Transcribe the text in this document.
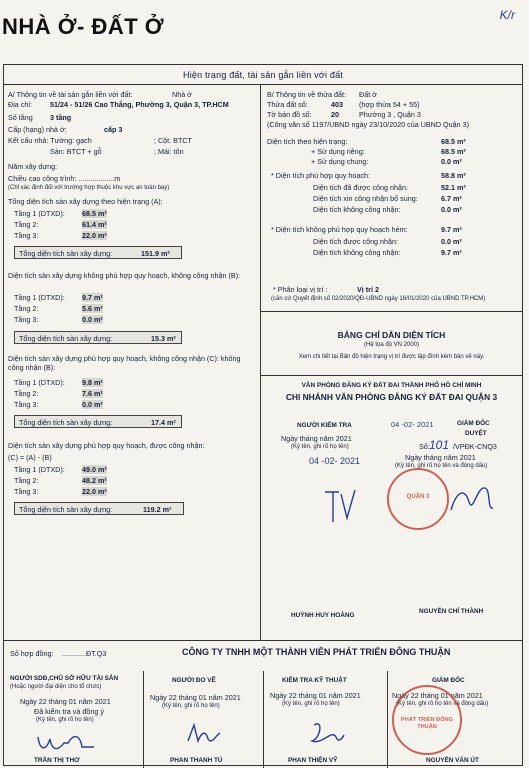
NHÀ Ở- ĐẤT Ở	K/r
Hiện trạng đất, tài sản gắn liền với đất
A/ Thông tin về tài sản gắn liền với đất:	Nhà ở
Địa chỉ:	51/24 - 51/26 Cao Thắng, Phường 3, Quận 3, TP.HCM
Số tầng 3 tầng
Cấp (hạng) nhà ở:	cấp 3
Kết cấu nhà: Tường: gạch	; Cột: BTCT
Sàn: BTCT + gỗ	; Mái: tôn
Năm xây dựng:
Chiều cao công trình: ..................m
(Chỉ xác định đối với trường hợp thuộc khu vực an toàn bay)
Tổng diện tích sàn xây dựng theo hiện trạng (A):
Tầng 1 (DTXD): 68.5 m²
Tầng 2:	61.4 m²
Tầng 3:	22.0 m²
Tổng diện tích sàn xây dựng:	151.9 m²
Diện tích sàn xây dựng không phù hợp quy hoạch, không công nhận (B):
Tầng 1 (DTXD): 9.7 m²
Tầng 2:	5.6 m²
Tầng 3:	0.0 m²
Tổng diện tích sàn xây dựng:	15.3 m²
Diện tích sàn xây dựng phù hợp quy hoạch, không công nhận (C): không công nhận (B):
Tầng 1 (DTXD): 9.8 m²
Tầng 2:	7.6 m²
Tầng 3:	0.0 m²
Tổng diện tích sàn xây dựng:	17.4 m²
Diện tích sàn xây dựng phù hợp quy hoạch, được công nhận:
(C) = (A) - (B)
Tầng 1 (DTXD): 49.0 m²
Tầng 2:	48.2 m²
Tầng 3:	22.0 m²
Tổng diện tích sàn xây dựng:	119.2 m²
B/ Thông tin về thửa đất: Đất ở
Thửa đất số:	403 (hợp thửa 54 + 55)
Tờ bản đồ số:	20	Phường 3 , Quận 3
(Công văn số 1197/UBND ngày 23/10/2020 của UBND Quận 3)
Diện tích theo hiện trạng:	68.5 m²
+ Sử dụng riêng:	68.5 m²
+ Sử dụng chung:	0.0 m²
* Diện tích phù hợp quy hoạch:	58.8 m²
Diện tích đã được công nhận:	52.1 m²
Diện tích xin công nhận bổ sung:	6.7 m²
Diện tích không công nhận:	0.0 m²
* Diện tích không phù hợp quy hoạch hẻm:	9.7 m²
Diện tích được công nhận:	0.0 m²
Diện tích không công nhận:	9.7 m²
* Phân loại vị trí :	Vị trí 2
(căn cứ Quyết định số 02/2020/QĐ-UBND ngày 16/01/2020 của UBND TP.HCM)
BẢNG CHỈ DẪN DIỆN TÍCH
(Hệ tọa độ VN 2000)
Xem chi tiết tại Bản đồ hiện trạng vị trí được lập đính kèm bản vẽ này.
VĂN PHÒNG ĐĂNG KÝ ĐẤT ĐAI THÀNH PHỐ HỒ CHÍ MINH
CHI NHÁNH VĂN PHÒNG ĐĂNG KÝ ĐẤT ĐAI QUẬN 3
NGƯỜI KIỂM TRA
Ngày tháng năm 2021
(Ký tên, ghi rõ họ tên)
04 -02- 2021
04 -02- 2021	GIÁM ĐỐC
DUYỆT
Số: 101 /VPĐK-CNQ3
Ngày tháng năm 2021
(Ký tên, ghi rõ họ tên và đóng dấu)
QUẬN 3
HUỲNH HUY HOÀNG
NGUYỄN CHÍ THÀNH
Số hợp đồng: ............ĐT.Q3	CÔNG TY TNHH MỘT THÀNH VIÊN PHÁT TRIỂN ĐÔNG THUẬN
NGƯỜI SDĐ,CHỦ SỞ HỮU TÀI SẢN
(Hoặc người đại diện cho tổ chức)
Ngày 22 tháng 01 năm 2021
Đã kiểm tra và đồng ý
(Ký tên, ghi rõ họ tên)
TRẦN THỊ THƠ
NGƯỜI ĐO VẼ
Ngày 22 tháng 01 năm 2021
(Ký tên, ghi rõ họ tên)
PHAN THANH TÚ
KIỂM TRA KỸ THUẬT
Ngày 22 tháng 01 năm 2021
(Ký tên, ghi rõ họ tên)
PHAN THIỆN VỸ
GIÁM ĐỐC
Ngày 22 tháng 01 năm 2021
(Ký tên, ghi rõ họ tên và đóng dấu)
PHÁT TRIỂN ĐÔNG THUẬN
NGUYỄN VĂN ÚT
